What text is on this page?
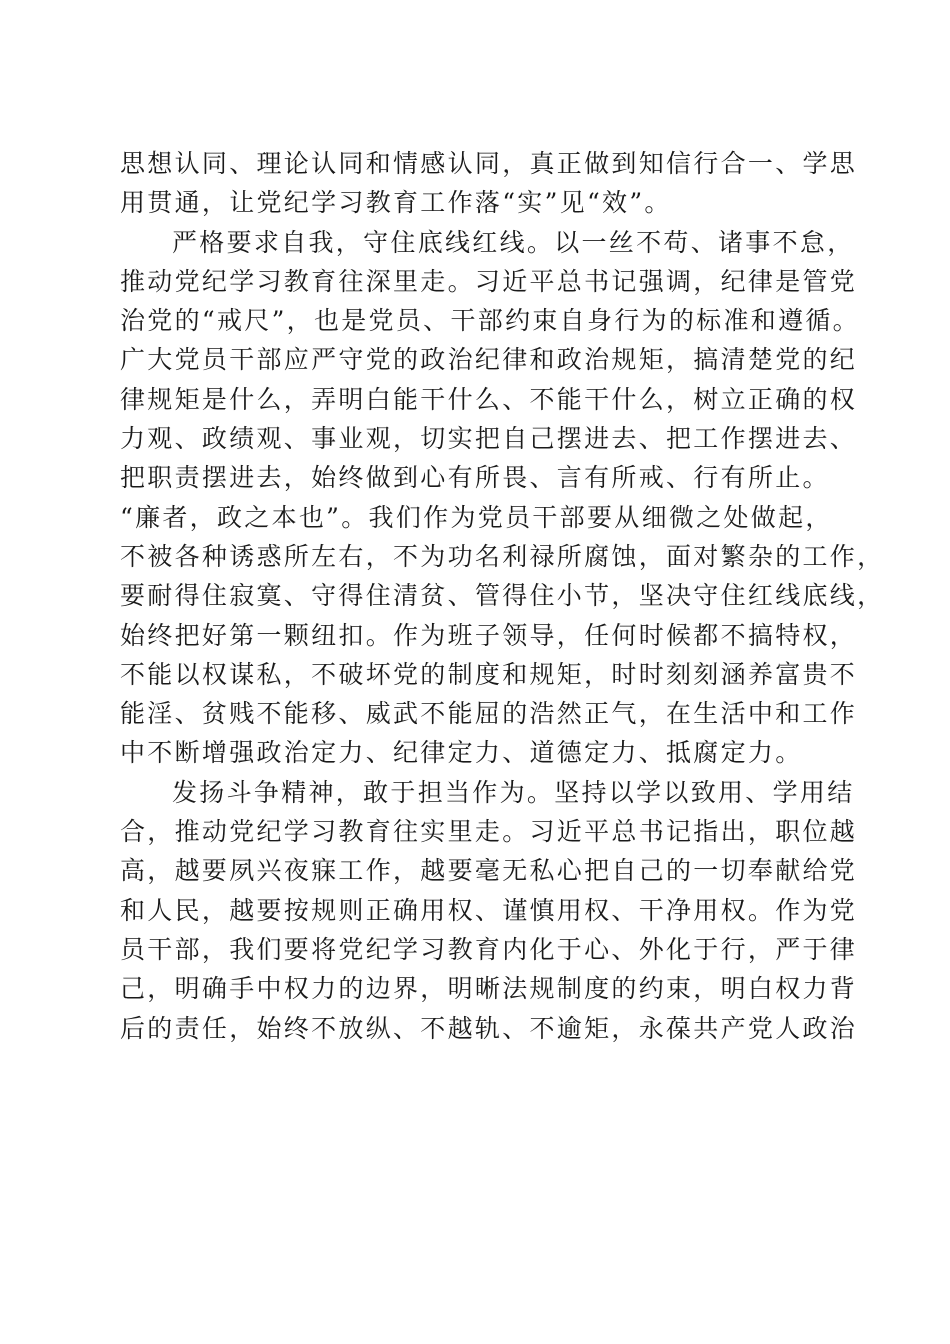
思想认同、理论认同和情感认同，真正做到知信行合一、学思
用贯通，让党纪学习教育工作落“实”见“效”。
严格要求自我，守住底线红线。以一丝不苟、诸事不怠，
推动党纪学习教育往深里走。习近平总书记强调，纪律是管党
治党的“戒尺”，也是党员、干部约束自身行为的标准和遵循。
广大党员干部应严守党的政治纪律和政治规矩，搞清楚党的纪
律规矩是什么，弄明白能干什么、不能干什么，树立正确的权
力观、政绩观、事业观，切实把自己摆进去、把工作摆进去、
把职责摆进去，始终做到心有所畏、言有所戒、行有所止。
“廉者，政之本也”。我们作为党员干部要从细微之处做起，
不被各种诱惑所左右，不为功名利禄所腐蚀，面对繁杂的工作，
要耐得住寂寞、守得住清贫、管得住小节，坚决守住红线底线，
始终把好第一颗纽扣。作为班子领导，任何时候都不搞特权，
不能以权谋私，不破坏党的制度和规矩，时时刻刻涵养富贵不
能淫、贫贱不能移、威武不能屈的浩然正气，在生活中和工作
中不断增强政治定力、纪律定力、道德定力、抵腐定力。
发扬斗争精神，敢于担当作为。坚持以学以致用、学用结
合，推动党纪学习教育往实里走。习近平总书记指出，职位越
高，越要夙兴夜寐工作，越要毫无私心把自己的一切奉献给党
和人民，越要按规则正确用权、谨慎用权、干净用权。作为党
员干部，我们要将党纪学习教育内化于心、外化于行，严于律
己，明确手中权力的边界，明晰法规制度的约束，明白权力背
后的责任，始终不放纵、不越轨、不逾矩，永葆共产党人政治
